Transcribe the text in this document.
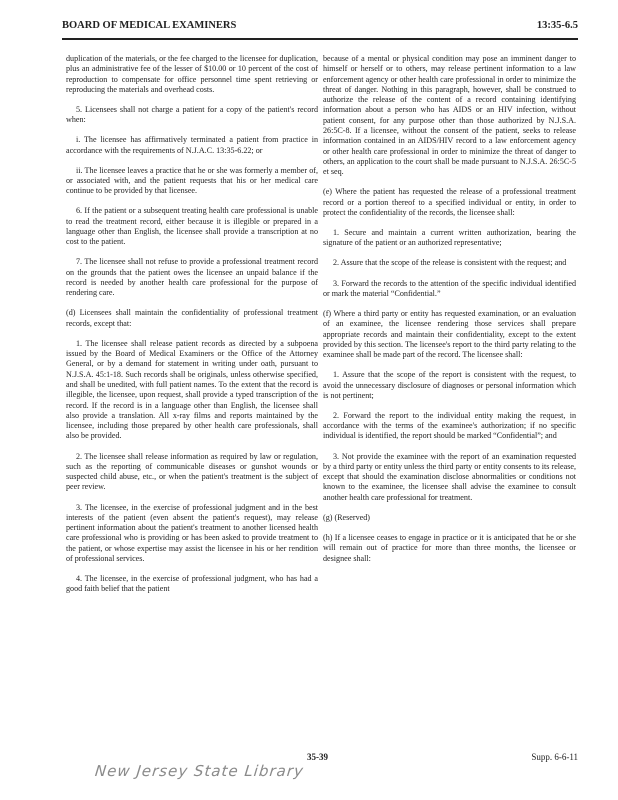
BOARD OF MEDICAL EXAMINERS	13:35-6.5

duplication of the materials, or the fee charged to the licensee for duplication, plus an administrative fee of the lesser of $10.00 or 10 percent of the cost of reproduction to compensate for office personnel time spent retrieving or reproducing the materials and overhead costs.

5. Licensees shall not charge a patient for a copy of the patient's record when:

i. The licensee has affirmatively terminated a patient from practice in accordance with the requirements of N.J.A.C. 13:35-6.22; or

ii. The licensee leaves a practice that he or she was formerly a member of, or associated with, and the patient requests that his or her medical care continue to be provided by that licensee.

6. If the patient or a subsequent treating health care professional is unable to read the treatment record, either because it is illegible or prepared in a language other than English, the licensee shall provide a transcription at no cost to the patient.

7. The licensee shall not refuse to provide a professional treatment record on the grounds that the patient owes the licensee an unpaid balance if the record is needed by another health care professional for the purpose of rendering care.

(d) Licensees shall maintain the confidentiality of professional treatment records, except that:

1. The licensee shall release patient records as directed by a subpoena issued by the Board of Medical Examiners or the Office of the Attorney General, or by a demand for statement in writing under oath, pursuant to N.J.S.A. 45:1-18. Such records shall be originals, unless otherwise specified, and shall be unedited, with full patient names. To the extent that the record is illegible, the licensee, upon request, shall provide a typed transcription of the record. If the record is in a language other than English, the licensee shall also provide a translation. All x-ray films and reports maintained by the licensee, including those prepared by other health care professionals, shall also be provided.

2. The licensee shall release information as required by law or regulation, such as the reporting of communicable diseases or gunshot wounds or suspected child abuse, etc., or when the patient's treatment is the subject of peer review.

3. The licensee, in the exercise of professional judgment and in the best interests of the patient (even absent the patient's request), may release pertinent information about the patient's treatment to another licensed health care professional who is providing or has been asked to provide treatment to the patient, or whose expertise may assist the licensee in his or her rendition of professional services.

4. The licensee, in the exercise of professional judgment, who has had a good faith belief that the patient

because of a mental or physical condition may pose an imminent danger to himself or herself or to others, may release pertinent information to a law enforcement agency or other health care professional in order to minimize the threat of danger. Nothing in this paragraph, however, shall be construed to authorize the release of the content of a record containing identifying information about a person who has AIDS or an HIV infection, without patient consent, for any purpose other than those authorized by N.J.S.A. 26:5C-8. If a licensee, without the consent of the patient, seeks to release information contained in an AIDS/HIV record to a law enforcement agency or other health care professional in order to minimize the threat of danger to others, an application to the court shall be made pursuant to N.J.S.A. 26:5C-5 et seq.

(e) Where the patient has requested the release of a professional treatment record or a portion thereof to a specified individual or entity, in order to protect the confidentiality of the records, the licensee shall:

1. Secure and maintain a current written authorization, bearing the signature of the patient or an authorized representative;

2. Assure that the scope of the release is consistent with the request; and

3. Forward the records to the attention of the specific individual identified or mark the material “Confidential.”

(f) Where a third party or entity has requested examination, or an evaluation of an examinee, the licensee rendering those services shall prepare appropriate records and maintain their confidentiality, except to the extent provided by this section. The licensee's report to the third party relating to the examinee shall be made part of the record. The licensee shall:

1. Assure that the scope of the report is consistent with the request, to avoid the unnecessary disclosure of diagnoses or personal information which is not pertinent;

2. Forward the report to the individual entity making the request, in accordance with the terms of the examinee's authorization; if no specific individual is identified, the report should be marked “Confidential”; and

3. Not provide the examinee with the report of an examination requested by a third party or entity unless the third party or entity consents to its release, except that should the examination disclose abnormalities or conditions not known to the examinee, the licensee shall advise the examinee to consult another health care professional for treatment.

(g) (Reserved)

(h) If a licensee ceases to engage in practice or it is anticipated that he or she will remain out of practice for more than three months, the licensee or designee shall:

35-39	Supp. 6-6-11
New Jersey State Library
